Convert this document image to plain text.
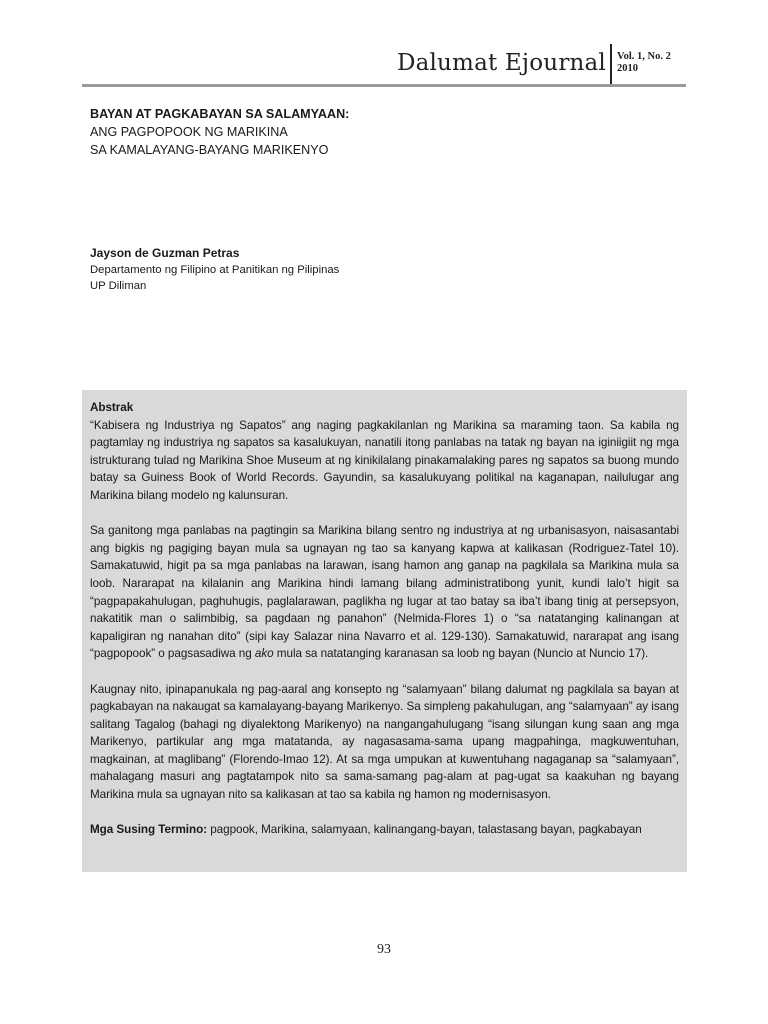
Dalumat Ejournal Vol. 1, No. 2
2010
BAYAN AT PAGKABAYAN SA SALAMYAAN:
ANG PAGPOPOOK NG MARIKINA
SA KAMALAYANG-BAYANG MARIKENYO
Jayson de Guzman Petras
Departamento ng Filipino at Panitikan ng Pilipinas
UP Diliman

Abstrak
“Kabisera ng Industriya ng Sapatos” ang naging pagkakilanlan ng Marikina sa maraming taon. Sa kabila ng pagtamlay ng industriya ng sapatos sa kasalukuyan, nanatili itong panlabas na tatak ng bayan na iginiigiit ng mga istrukturang tulad ng Marikina Shoe Museum at ng kinikilalang pinakamalaking pares ng sapatos sa buong mundo batay sa Guiness Book of World Records. Gayundin, sa kasalukuyang politikal na kaganapan, nailulugar ang Marikina bilang modelo ng kalunsuran.

Sa ganitong mga panlabas na pagtingin sa Marikina bilang sentro ng industriya at ng urbanisasyon, naisasantabi ang bigkis ng pagiging bayan mula sa ugnayan ng tao sa kanyang kapwa at kalikasan (Rodriguez-Tatel 10). Samakatuwid, higit pa sa mga panlabas na larawan, isang hamon ang ganap na pagkilala sa Marikina mula sa loob. Nararapat na kilalanin ang Marikina hindi lamang bilang administratibong yunit, kundi lalo’t higit sa “pagpapakahulugan, paghuhugis, paglalarawan, paglikha ng lugar at tao batay sa iba’t ibang tinig at persepsyon, nakatitik man o salimbibig, sa pagdaan ng panahon” (Nelmida-Flores 1) o “sa natatanging kalinangan at kapaligiran ng nanahan dito” (sipi kay Salazar nina Navarro et al. 129-130). Samakatuwid, nararapat ang isang “pagpopook” o pagsasadiwa ng ako mula sa natatanging karanasan sa loob ng bayan (Nuncio at Nuncio 17).

Kaugnay nito, ipinapanukala ng pag-aaral ang konsepto ng “salamyaan” bilang dalumat ng pagkilala sa bayan at pagkabayan na nakaugat sa kamalayang-bayang Marikenyo. Sa simpleng pakahulugan, ang “salamyaan” ay isang salitang Tagalog (bahagi ng diyalektong Marikenyo) na nangangahulugang “isang silungan kung saan ang mga Marikenyo, partikular ang mga matatanda, ay nagasasama-sama upang magpahinga, magkuwentuhan, magkainan, at maglibang” (Florendo-Imao 12). At sa mga umpukan at kuwentuhang nagaganap sa “salamyaan”, mahalagang masuri ang pagtatampok nito sa sama-samang pag-alam at pag-ugat sa kaakuhan ng bayang Marikina mula sa ugnayan nito sa kalikasan at tao sa kabila ng hamon ng modernisasyon.

Mga Susing Termino: pagpook, Marikina, salamyaan, kalinangang-bayan, talastasang bayan, pagkabayan

93
